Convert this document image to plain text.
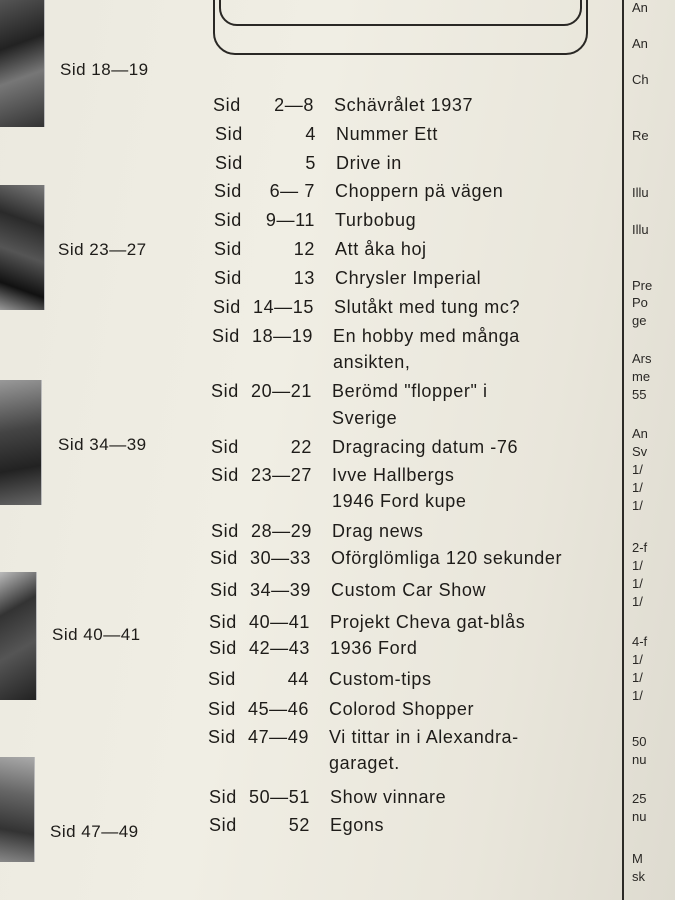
Sid 18—19
Sid 23—27
Sid 34—39
Sid 40—41
Sid 47—49
Sid	2—8 Schävrålet 1937
Sid	4 Nummer Ett
Sid	5 Drive in
Sid	6— 7 Choppern pä vägen
Sid	9—11 Turbobug
Sid	12 Att åka hoj
Sid	13 Chrysler Imperial
Sid 14—15 Slutåkt med tung mc?
Sid 18—19 En hobby med många
ansikten,
Sid 20—21 Berömd "flopper" i
Sverige
Sid	22 Dragracing datum -76
Sid 23—27 Ivve Hallbergs
1946 Ford kupe
Sid 28—29 Drag news
Sid 30—33 Oförglömliga 120 sekunder
Sid 34—39 Custom Car Show
Sid 40—41 Projekt Cheva gat-blås
Sid 42—43 1936 Ford
Sid	44 Custom-tips
Sid 45—46 Colorod Shopper
Sid 47—49 Vi tittar in i Alexandra-
garaget.
Sid 50—51 Show vinnare
Sid	52 Egons
An
An
Ch
Re
Illu
Illu
Pre
Po
ge
Ars
me
55
An
Sv
1/
1/
1/
2-f
1/
1/
1/
4-f
1/
1/
1/
50
nu
25
nu
M
sk
